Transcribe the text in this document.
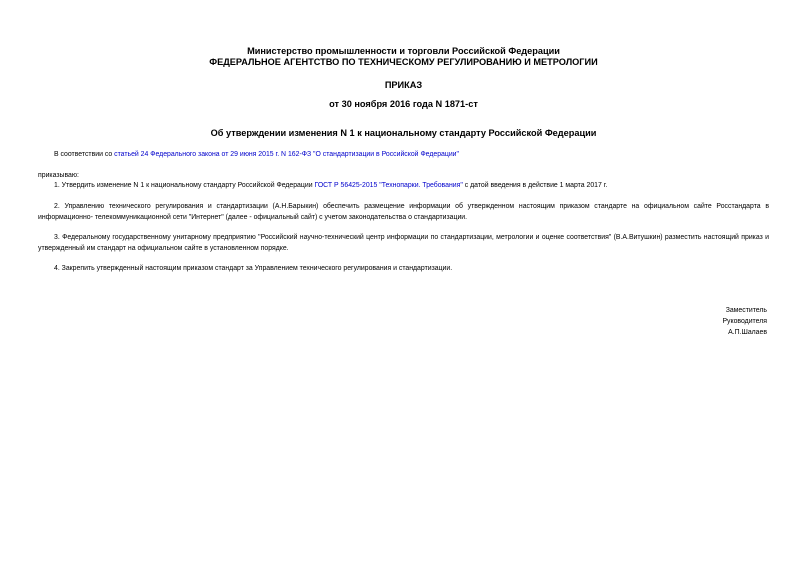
Министерство промышленности и торговли Российской Федерации
ФЕДЕРАЛЬНОЕ АГЕНТСТВО ПО ТЕХНИЧЕСКОМУ РЕГУЛИРОВАНИЮ И МЕТРОЛОГИИ
ПРИКАЗ
от 30 ноября 2016 года N 1871-ст
Об утверждении изменения N 1 к национальному стандарту Российской Федерации
В соответствии со статьей 24 Федерального закона от 29 июня 2015 г. N 162-ФЗ "О стандартизации в Российской Федерации"
приказываю:
1. Утвердить изменение N 1 к национальному стандарту Российской Федерации ГОСТ Р 56425-2015 "Технопарки. Требования" с датой введения в действие 1 марта 2017 г.
2. Управлению технического регулирования и стандартизации (А.Н.Барыкин) обеспечить размещение информации об утвержденном настоящим приказом стандарте на официальном сайте Росстандарта в информационно- телекоммуникационной сети "Интернет" (далее - официальный сайт) с учетом законодательства о стандартизации.
3. Федеральному государственному унитарному предприятию "Российский научно-технический центр информации по стандартизации, метрологии и оценке соответствия" (В.А.Витушкин) разместить настоящий приказ и утвержденный им стандарт на официальном сайте в установленном порядке.
4. Закрепить утвержденный настоящим приказом стандарт за Управлением технического регулирования и стандартизации.
Заместитель
Руководителя
А.П.Шалаев
